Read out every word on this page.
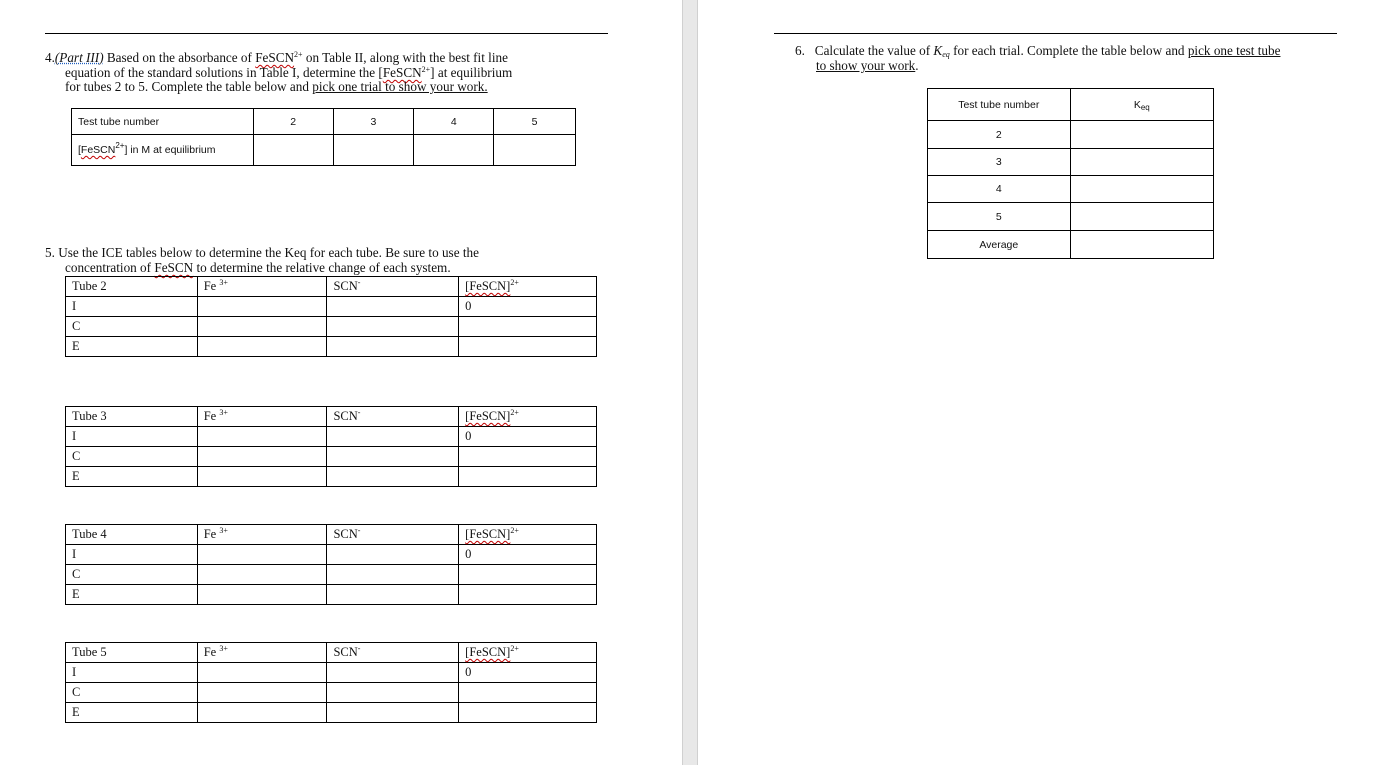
4.(Part III) Based on the absorbance of FeSCN$^{2+}$ on Table II, along with the best fit line
equation of the standard solutions in Table I, determine the [FeSCN$^{2+}$] at equilibrium
for tubes 2 to 5. Complete the table below and pick one trial to show your work.
Test tube number	2	3	4	5
[FeSCN$^{2+}$] in M at equilibrium				
5. Use the ICE tables below to determine the Keq for each tube. Be sure to use the
concentration of FeSCN to determine the relative change of each system.
Tube 2	Fe $^{3+}$	SCN-	[FeSCN]$^{2+}$
I			0
C			
E			
Tube 3	Fe $^{3+}$	SCN-	[FeSCN]$^{2+}$
I			0
C			
E			
Tube 4	Fe $^{3+}$	SCN-	[FeSCN]$^{2+}$
I			0
C			
E			
Tube 5	Fe $^{3+}$	SCN-	[FeSCN]$^{2+}$
I			0
C			
E			
6. Calculate the value of $K_{eq}$ for each trial. Complete the table below and pick one test tube
to show your work.
Test tube number	$K_{eq}$
2	
3	
4	
5	
Average	
